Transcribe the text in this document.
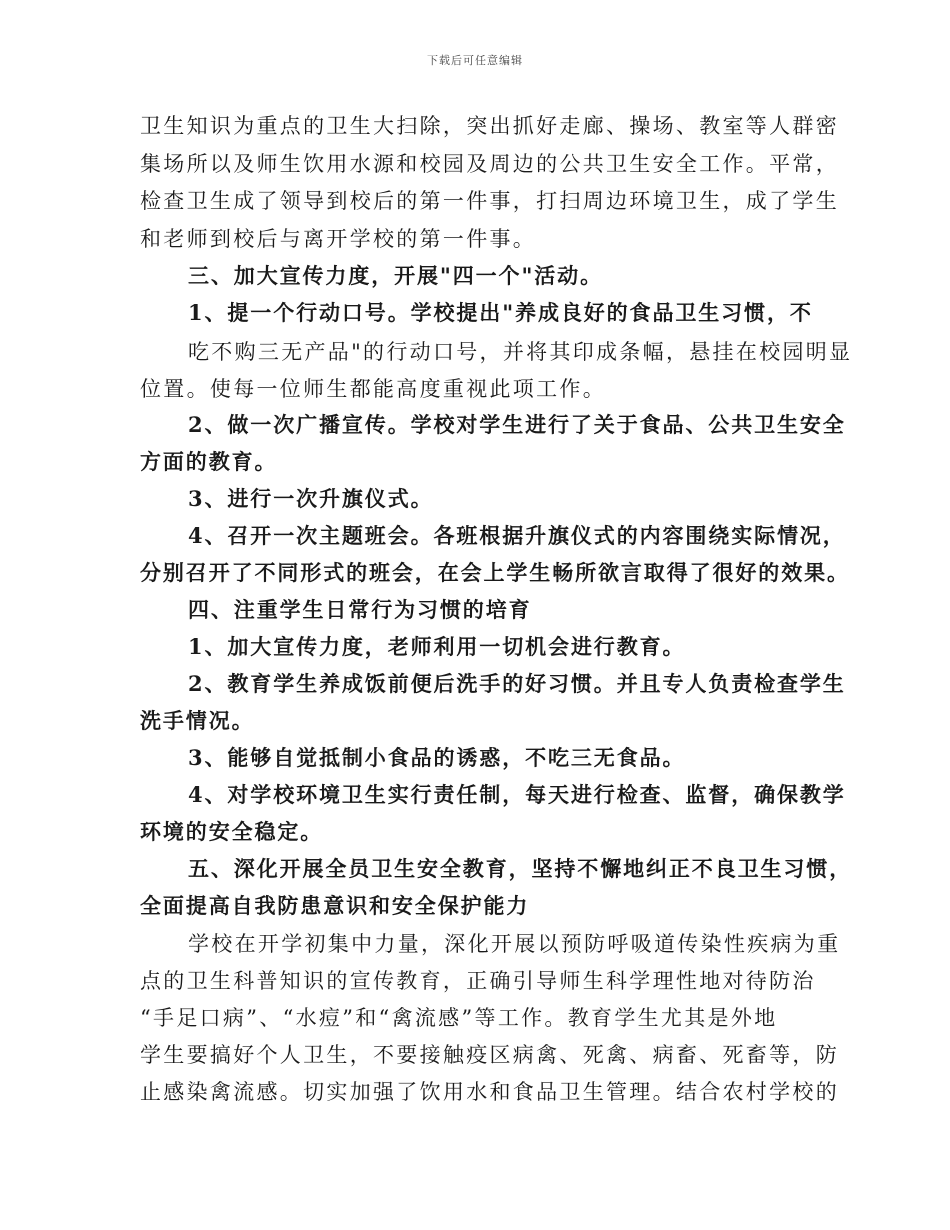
下载后可任意编辑
卫生知识为重点的卫生大扫除，突出抓好走廊、操场、教室等人群密
集场所以及师生饮用水源和校园及周边的公共卫生安全工作。平常，
检查卫生成了领导到校后的第一件事，打扫周边环境卫生，成了学生
和老师到校后与离开学校的第一件事。
三、加大宣传力度，开展"四一个"活动。
1、提一个行动口号。学校提出"养成良好的食品卫生习惯，不
吃不购三无产品"的行动口号，并将其印成条幅，悬挂在校园明显
位置。使每一位师生都能高度重视此项工作。
2、做一次广播宣传。学校对学生进行了关于食品、公共卫生安全
方面的教育。
3、进行一次升旗仪式。
4、召开一次主题班会。各班根据升旗仪式的内容围绕实际情况，
分别召开了不同形式的班会，在会上学生畅所欲言取得了很好的效果。
四、注重学生日常行为习惯的培育
1、加大宣传力度，老师利用一切机会进行教育。
2、教育学生养成饭前便后洗手的好习惯。并且专人负责检查学生
洗手情况。
3、能够自觉抵制小食品的诱惑，不吃三无食品。
4、对学校环境卫生实行责任制，每天进行检查、监督，确保教学
环境的安全稳定。
五、深化开展全员卫生安全教育，坚持不懈地纠正不良卫生习惯，
全面提高自我防患意识和安全保护能力
学校在开学初集中力量，深化开展以预防呼吸道传染性疾病为重
点的卫生科普知识的宣传教育，正确引导师生科学理性地对待防治
“手足口病”、“水痘”和“禽流感”等工作。教育学生尤其是外地
学生要搞好个人卫生，不要接触疫区病禽、死禽、病畜、死畜等，防
止感染禽流感。切实加强了饮用水和食品卫生管理。结合农村学校的
